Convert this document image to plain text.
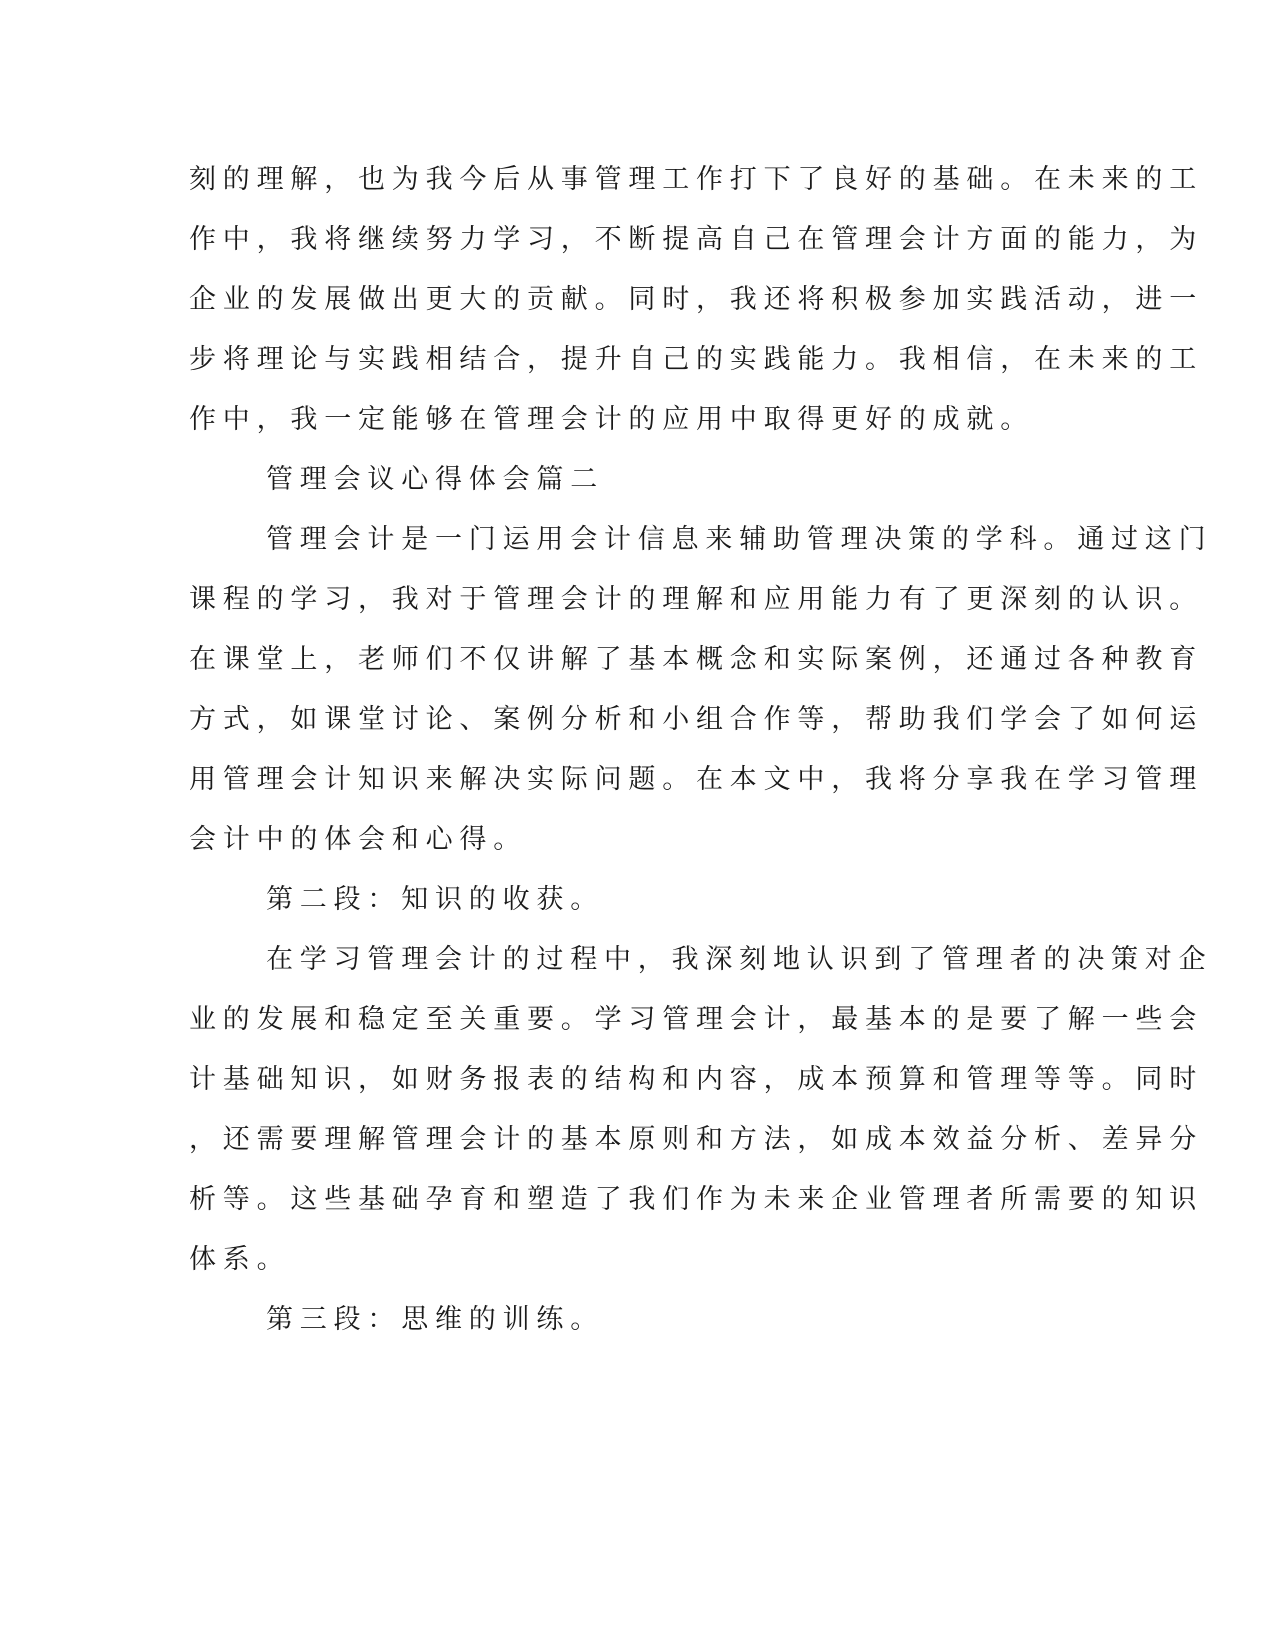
刻的理解，也为我今后从事管理工作打下了良好的基础。在未来的工
作中，我将继续努力学习，不断提高自己在管理会计方面的能力，为
企业的发展做出更大的贡献。同时，我还将积极参加实践活动，进一
步将理论与实践相结合，提升自己的实践能力。我相信，在未来的工
作中，我一定能够在管理会计的应用中取得更好的成就。
管理会议心得体会篇二
管理会计是一门运用会计信息来辅助管理决策的学科。通过这门
课程的学习，我对于管理会计的理解和应用能力有了更深刻的认识。
在课堂上，老师们不仅讲解了基本概念和实际案例，还通过各种教育
方式，如课堂讨论、案例分析和小组合作等，帮助我们学会了如何运
用管理会计知识来解决实际问题。在本文中，我将分享我在学习管理
会计中的体会和心得。
第二段：知识的收获。
在学习管理会计的过程中，我深刻地认识到了管理者的决策对企
业的发展和稳定至关重要。学习管理会计，最基本的是要了解一些会
计基础知识，如财务报表的结构和内容，成本预算和管理等等。同时
，还需要理解管理会计的基本原则和方法，如成本效益分析、差异分
析等。这些基础孕育和塑造了我们作为未来企业管理者所需要的知识
体系。
第三段：思维的训练。
